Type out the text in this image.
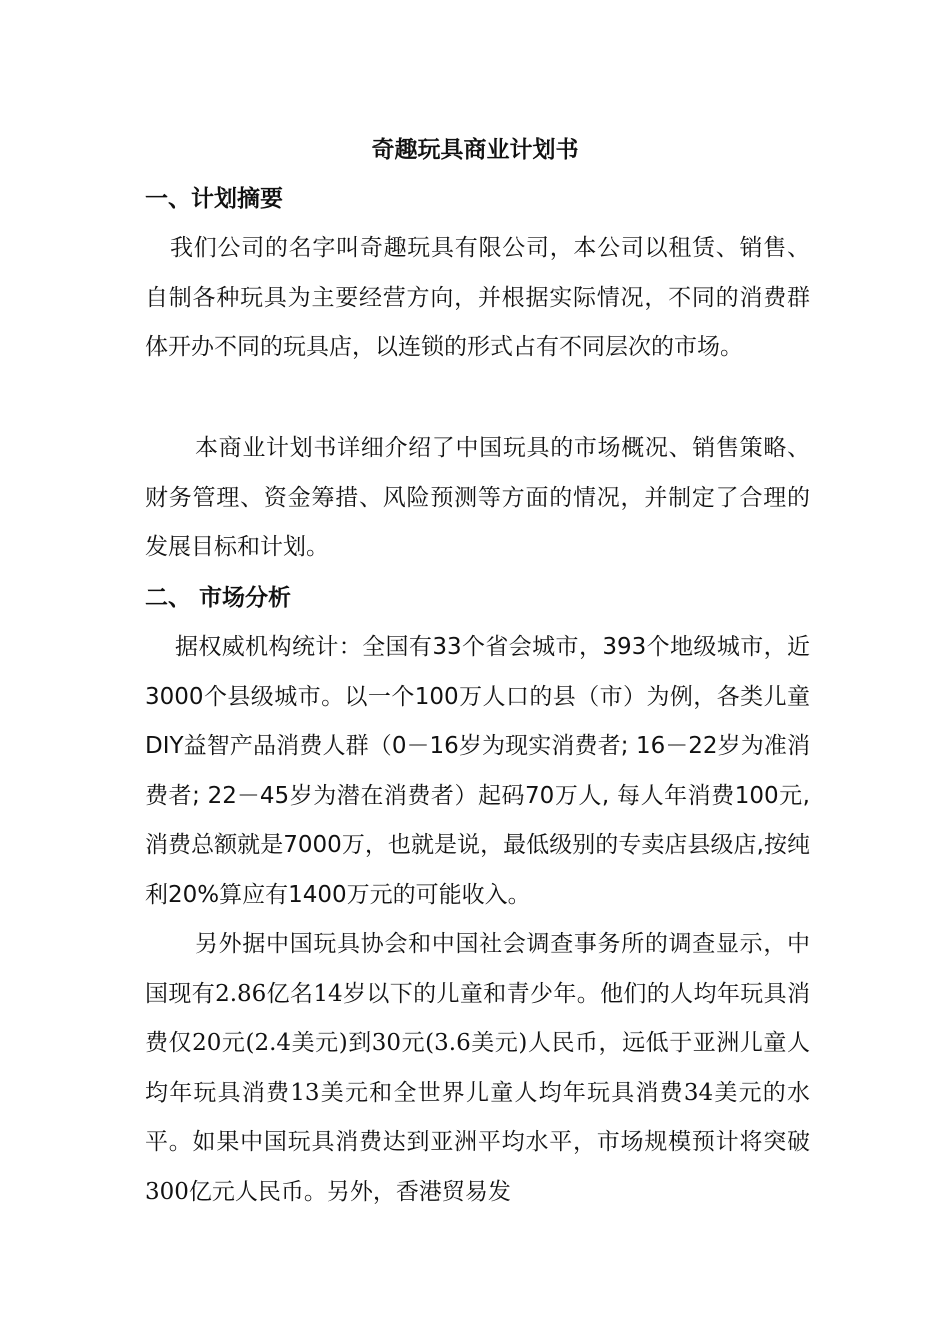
奇趣玩具商业计划书
一、计划摘要

我们公司的名字叫奇趣玩具有限公司，本公司以租赁、销售、自制各种玩具为主要经营方向，并根据实际情况，不同的消费群体开办不同的玩具店，以连锁的形式占有不同层次的市场。

本商业计划书详细介绍了中国玩具的市场概况、销售策略、财务管理、资金筹措、风险预测等方面的情况，并制定了合理的发展目标和计划。

二、 市场分析

据权威机构统计：全国有33个省会城市，393个地级城市，近3000个县级城市。以一个100万人口的县（市）为例，各类儿童DIY益智产品消费人群（0－16岁为现实消费者; 16－22岁为准消费者; 22－45岁为潜在消费者）起码70万人, 每人年消费100元,消费总额就是7000万，也就是说，最低级别的专卖店县级店,按纯利20%算应有1400万元的可能收入。

另外据中国玩具协会和中国社会调查事务所的调查显示，中国现有2.86亿名14岁以下的儿童和青少年。他们的人均年玩具消费仅20元(2.4美元)到30元(3.6美元)人民币，远低于亚洲儿童人均年玩具消费13美元和全世界儿童人均年玩具消费34美元的水平。如果中国玩具消费达到亚洲平均水平，市场规模预计将突破300亿元人民币。另外，香港贸易发
